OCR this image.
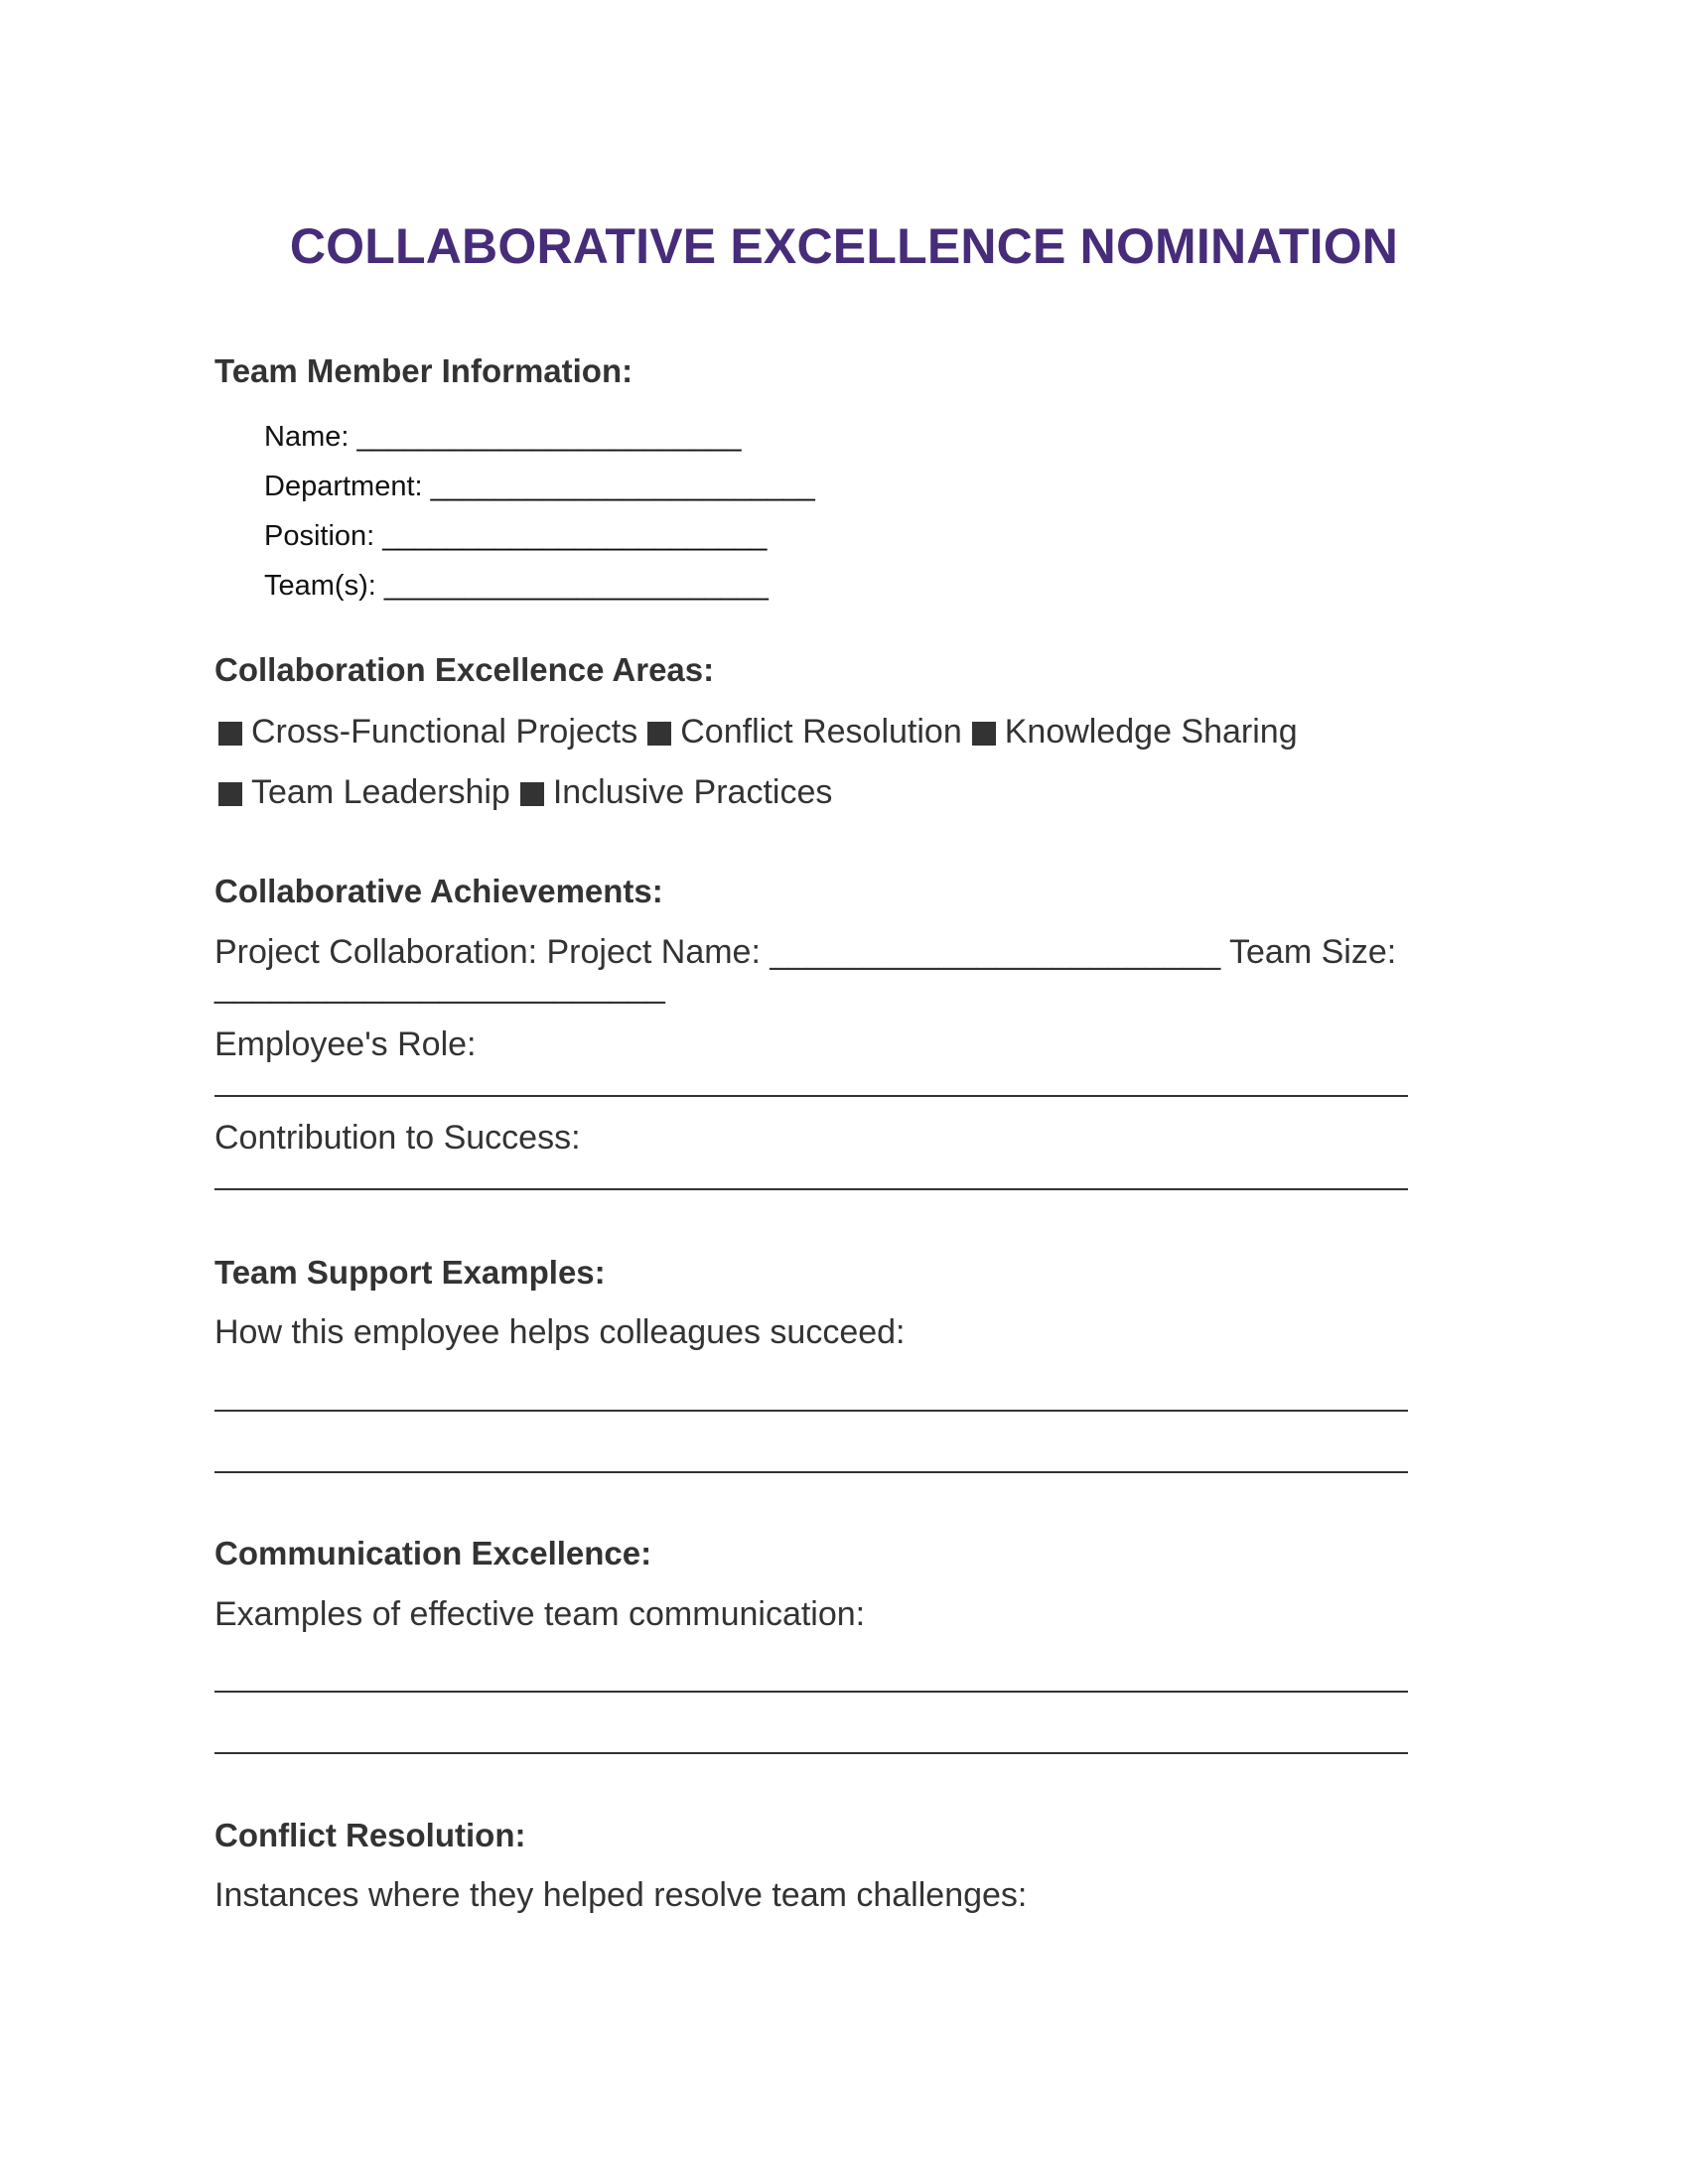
COLLABORATIVE EXCELLENCE NOMINATION
Team Member Information:
Name: ________________________
Department: ________________________
Position: ________________________
Team(s): ________________________
Collaboration Excellence Areas:
Cross-Functional Projects Conflict Resolution Knowledge Sharing
Team Leadership Inclusive Practices
Collaborative Achievements:
Project Collaboration: Project Name: ________________________ Team Size:
________________________
Employee's Role:
Contribution to Success:
Team Support Examples:
How this employee helps colleagues succeed:
Communication Excellence:
Examples of effective team communication:
Conflict Resolution:
Instances where they helped resolve team challenges:
